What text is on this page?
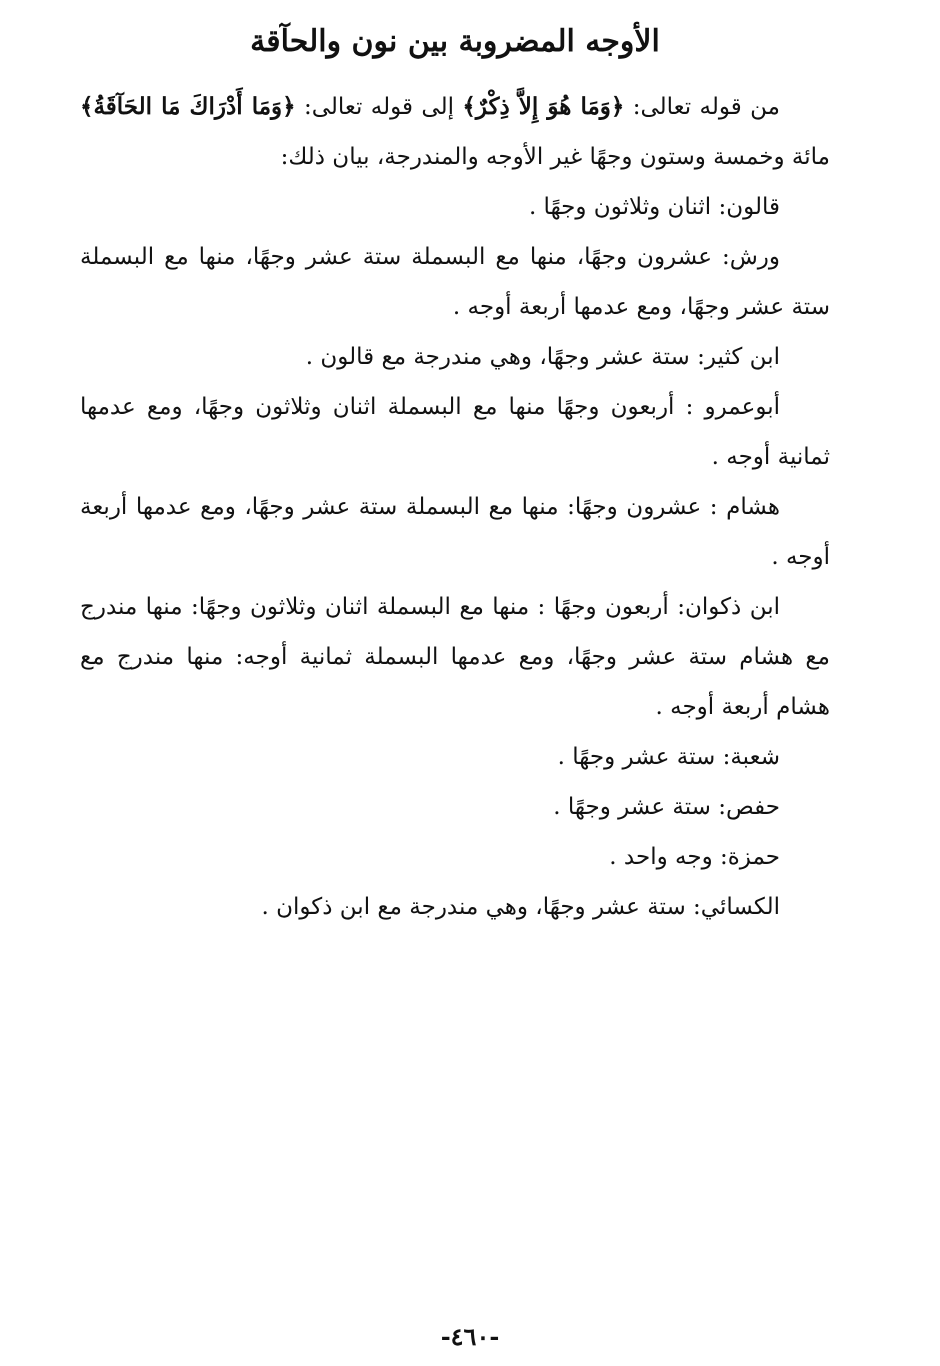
الأوجه المضروبة بين نون والحآقة

من قوله تعالى: ﴿وَمَا هُوَ إِلاَّ ذِكْرٌ﴾ إلى قوله تعالى: ﴿وَمَا أَدْرَاكَ مَا الحَآقَةُ﴾ مائة وخمسة وستون وجهًا غير الأوجه والمندرجة، بيان ذلك:

قالون: اثنان وثلاثون وجهًا .

ورش: عشرون وجهًا، منها مع البسملة ستة عشر وجهًا، منها مع البسملة ستة عشر وجهًا، ومع عدمها أربعة أوجه .

ابن كثير: ستة عشر وجهًا، وهي مندرجة مع قالون .

أبوعمرو : أربعون وجهًا منها مع البسملة اثنان وثلاثون وجهًا، ومع عدمها ثمانية أوجه .

هشام : عشرون وجهًا: منها مع البسملة ستة عشر وجهًا، ومع عدمها أربعة أوجه .

ابن ذكوان: أربعون وجهًا : منها مع البسملة اثنان وثلاثون وجهًا: منها مندرج مع هشام ستة عشر وجهًا، ومع عدمها البسملة ثمانية أوجه: منها مندرج مع هشام أربعة أوجه .

شعبة: ستة عشر وجهًا .

حفص: ستة عشر وجهًا .

حمزة: وجه واحد .

الكسائي: ستة عشر وجهًا، وهي مندرجة مع ابن ذكوان .

-٤٦٠-
